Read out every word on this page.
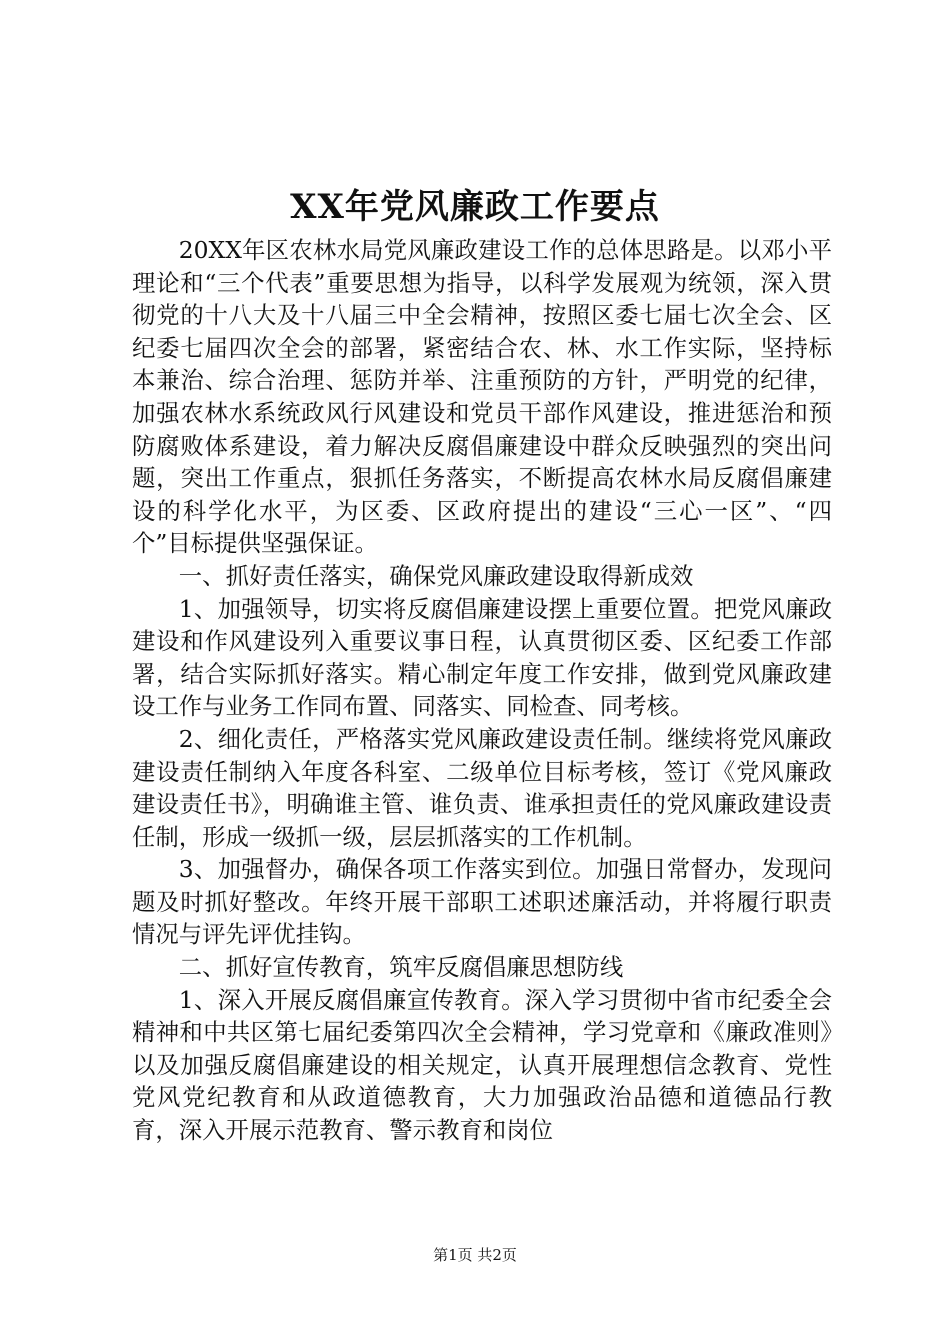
XX年党风廉政工作要点

20XX年区农林水局党风廉政建设工作的总体思路是。以邓小平理论和“三个代表”重要思想为指导，以科学发展观为统领，深入贯彻党的十八大及十八届三中全会精神，按照区委七届七次全会、区纪委七届四次全会的部署，紧密结合农、林、水工作实际，坚持标本兼治、综合治理、惩防并举、注重预防的方针，严明党的纪律，加强农林水系统政风行风建设和党员干部作风建设，推进惩治和预防腐败体系建设，着力解决反腐倡廉建设中群众反映强烈的突出问题，突出工作重点，狠抓任务落实，不断提高农林水局反腐倡廉建设的科学化水平，为区委、区政府提出的建设“三心一区”、“四个”目标提供坚强保证。

一、抓好责任落实，确保党风廉政建设取得新成效

1、加强领导，切实将反腐倡廉建设摆上重要位置。把党风廉政建设和作风建设列入重要议事日程，认真贯彻区委、区纪委工作部署，结合实际抓好落实。精心制定年度工作安排，做到党风廉政建设工作与业务工作同布置、同落实、同检查、同考核。

2、细化责任，严格落实党风廉政建设责任制。继续将党风廉政建设责任制纳入年度各科室、二级单位目标考核，签订《党风廉政建设责任书》，明确谁主管、谁负责、谁承担责任的党风廉政建设责任制，形成一级抓一级，层层抓落实的工作机制。

3、加强督办，确保各项工作落实到位。加强日常督办，发现问题及时抓好整改。年终开展干部职工述职述廉活动，并将履行职责情况与评先评优挂钩。

二、抓好宣传教育，筑牢反腐倡廉思想防线

1、深入开展反腐倡廉宣传教育。深入学习贯彻中省市纪委全会精神和中共区第七届纪委第四次全会精神，学习党章和《廉政准则》以及加强反腐倡廉建设的相关规定，认真开展理想信念教育、党性党风党纪教育和从政道德教育，大力加强政治品德和道德品行教育，深入开展示范教育、警示教育和岗位

第1页 共2页
